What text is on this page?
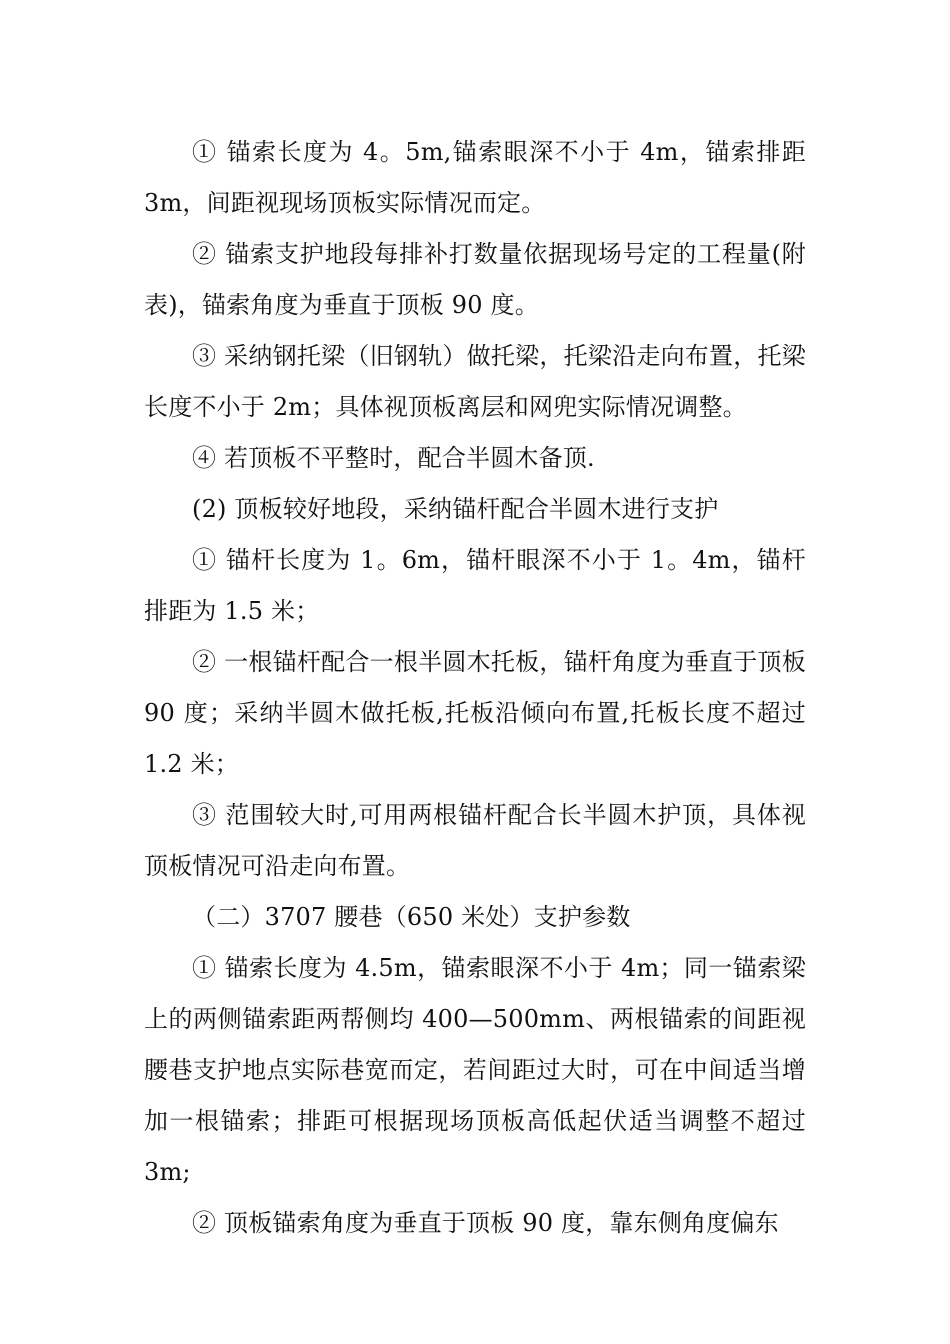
① 锚索长度为 4。5m,锚索眼深不小于 4m，锚索排距 3m，间距视现场顶板实际情况而定。

② 锚索支护地段每排补打数量依据现场号定的工程量(附表)，锚索角度为垂直于顶板 90 度。

③ 采纳钢托梁（旧钢轨）做托梁，托梁沿走向布置，托梁长度不小于 2m；具体视顶板离层和网兜实际情况调整。

④ 若顶板不平整时，配合半圆木备顶.

(2) 顶板较好地段，采纳锚杆配合半圆木进行支护

① 锚杆长度为 1。6m，锚杆眼深不小于 1。4m，锚杆排距为 1.5 米；

② 一根锚杆配合一根半圆木托板，锚杆角度为垂直于顶板 90 度；采纳半圆木做托板,托板沿倾向布置,托板长度不超过 1.2 米；

③ 范围较大时,可用两根锚杆配合长半圆木护顶，具体视顶板情况可沿走向布置。

（二）3707 腰巷（650 米处）支护参数

① 锚索长度为 4.5m，锚索眼深不小于 4m；同一锚索梁上的两侧锚索距两帮侧均 400—500mm、两根锚索的间距视腰巷支护地点实际巷宽而定，若间距过大时，可在中间适当增加一根锚索；排距可根据现场顶板高低起伏适当调整不超过 3m;

② 顶板锚索角度为垂直于顶板 90 度，靠东侧角度偏东
